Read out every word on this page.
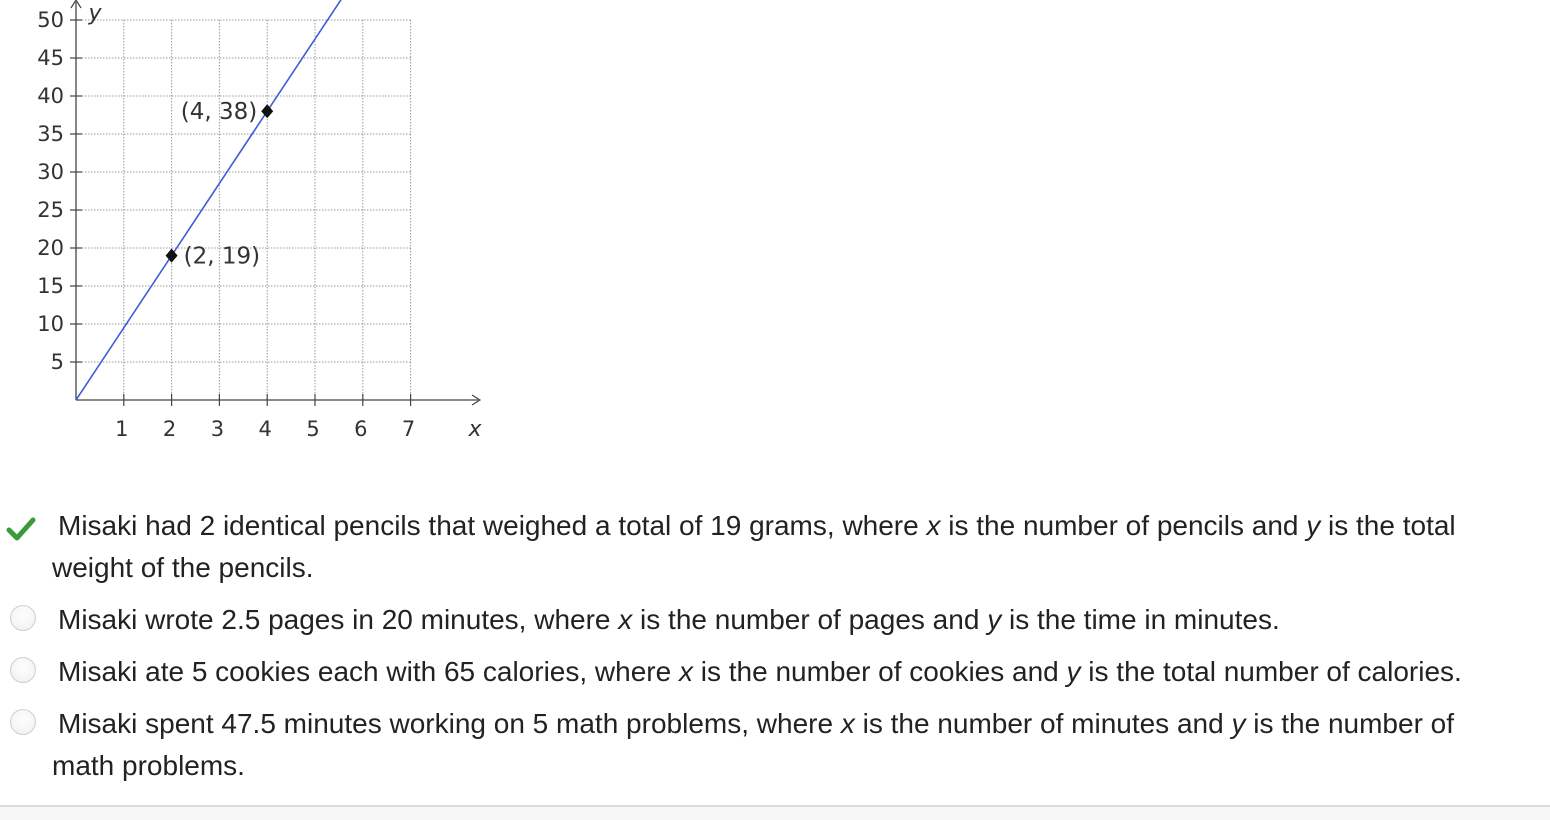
1 2 3 4 5 6 7
5
10
15
20
25
30
35
40
45
50
x
y
(4, 38)
(2, 19)
Misaki had 2 identical pencils that weighed a total of 19 grams, where x is the number of pencils and y is the total
weight of the pencils.
Misaki wrote 2.5 pages in 20 minutes, where x is the number of pages and y is the time in minutes.
Misaki ate 5 cookies each with 65 calories, where x is the number of cookies and y is the total number of calories.
Misaki spent 47.5 minutes working on 5 math problems, where x is the number of minutes and y is the number of
math problems.
